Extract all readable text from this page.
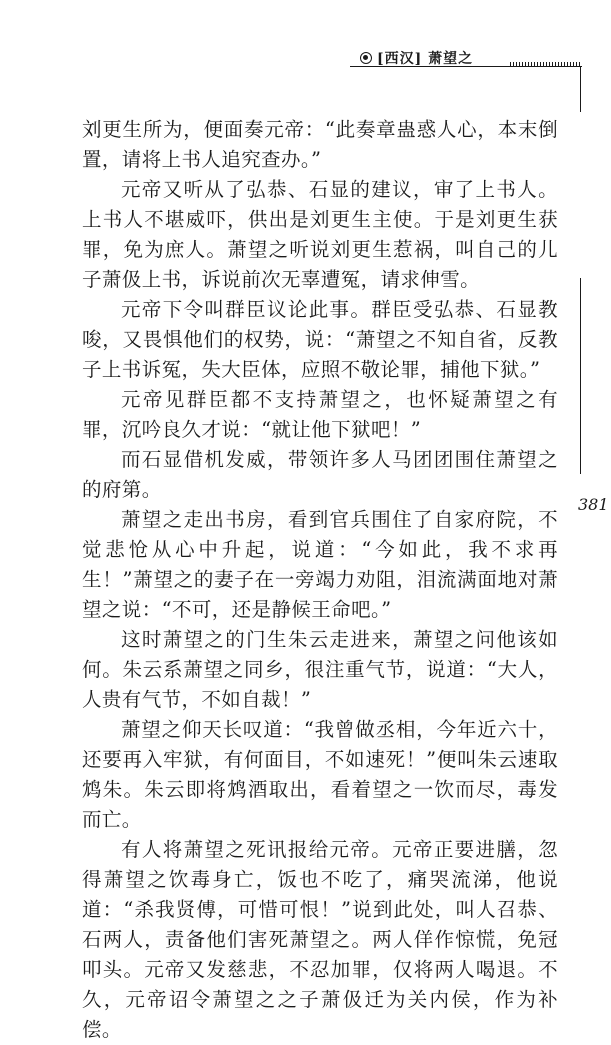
[西汉] 萧望之
381

刘更生所为，便面奏元帝：“此奏章蛊惑人心，本末倒置，请将上书人追究查办。”

元帝又听从了弘恭、石显的建议，审了上书人。上书人不堪威吓，供出是刘更生主使。于是刘更生获罪，免为庶人。萧望之听说刘更生惹祸，叫自己的儿子萧伋上书，诉说前次无辜遭冤，请求伸雪。

元帝下令叫群臣议论此事。群臣受弘恭、石显教唆，又畏惧他们的权势，说：“萧望之不知自省，反教子上书诉冤，失大臣体，应照不敬论罪，捕他下狱。”

元帝见群臣都不支持萧望之，也怀疑萧望之有罪，沉吟良久才说：“就让他下狱吧！”

而石显借机发威，带领许多人马团团围住萧望之的府第。

萧望之走出书房，看到官兵围住了自家府院，不觉悲怆从心中升起，说道：“今如此，我不求再生！”萧望之的妻子在一旁竭力劝阻，泪流满面地对萧望之说：“不可，还是静候王命吧。”

这时萧望之的门生朱云走进来，萧望之问他该如何。朱云系萧望之同乡，很注重气节，说道：“大人，人贵有气节，不如自裁！”

萧望之仰天长叹道：“我曾做丞相，今年近六十，还要再入牢狱，有何面目，不如速死！”便叫朱云速取鸩朱。朱云即将鸩酒取出，看着望之一饮而尽，毒发而亡。

有人将萧望之死讯报给元帝。元帝正要进膳，忽得萧望之饮毒身亡，饭也不吃了，痛哭流涕，他说道：“杀我贤傅，可惜可恨！”说到此处，叫人召恭、石两人，责备他们害死萧望之。两人佯作惊慌，免冠叩头。元帝又发慈悲，不忍加罪，仅将两人喝退。不久，元帝诏令萧望之之子萧伋迁为关内侯，作为补偿。
